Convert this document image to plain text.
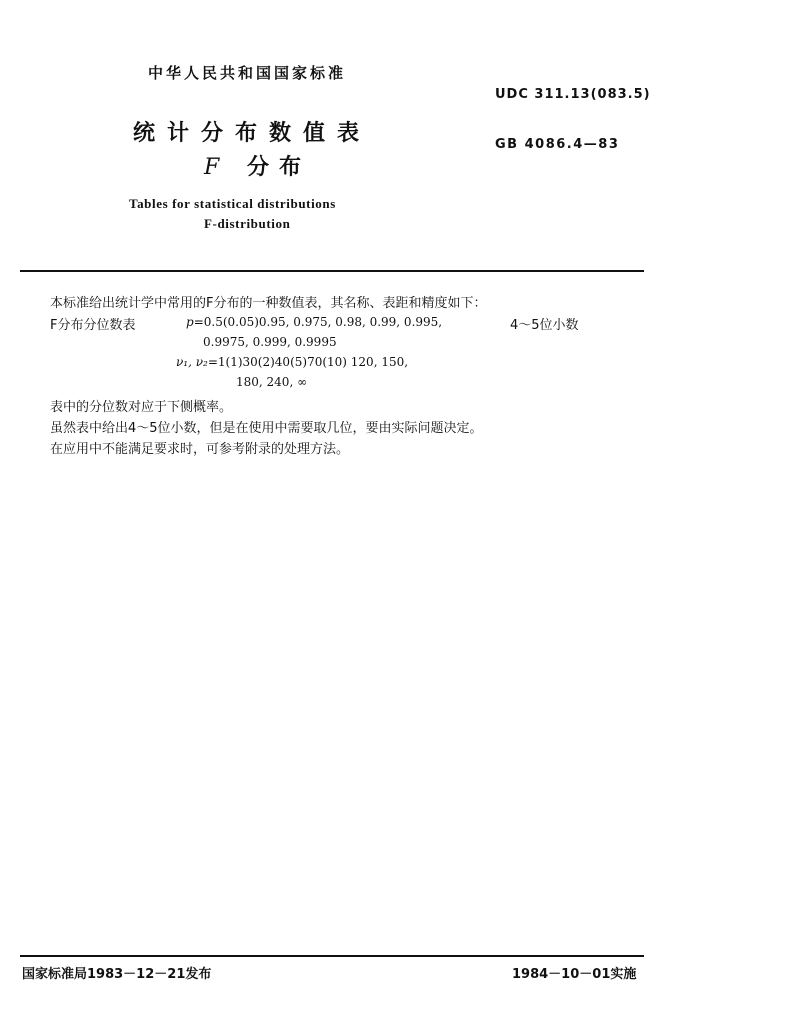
中华人民共和国国家标准
UDC 311.13(083.5)
统计分布数值表	GB 4086.4—83
F 分布
Tables for statistical distributions
F-distribution
本标准给出统计学中常用的F分布的一种数值表，其名称、表距和精度如下：
F分布分位数表	p=0.5(0.05)0.95, 0.975, 0.98, 0.99, 0.995,	4～5位小数
0.9975, 0.999, 0.9995
ν₁, ν₂=1(1)30(2)40(5)70(10) 120, 150,
180, 240, ∞
表中的分位数对应于下侧概率。
虽然表中给出4～5位小数，但是在使用中需要取几位，要由实际问题决定。
在应用中不能满足要求时，可参考附录的处理方法。
国家标准局1983－12－21发布	1984－10－01实施
